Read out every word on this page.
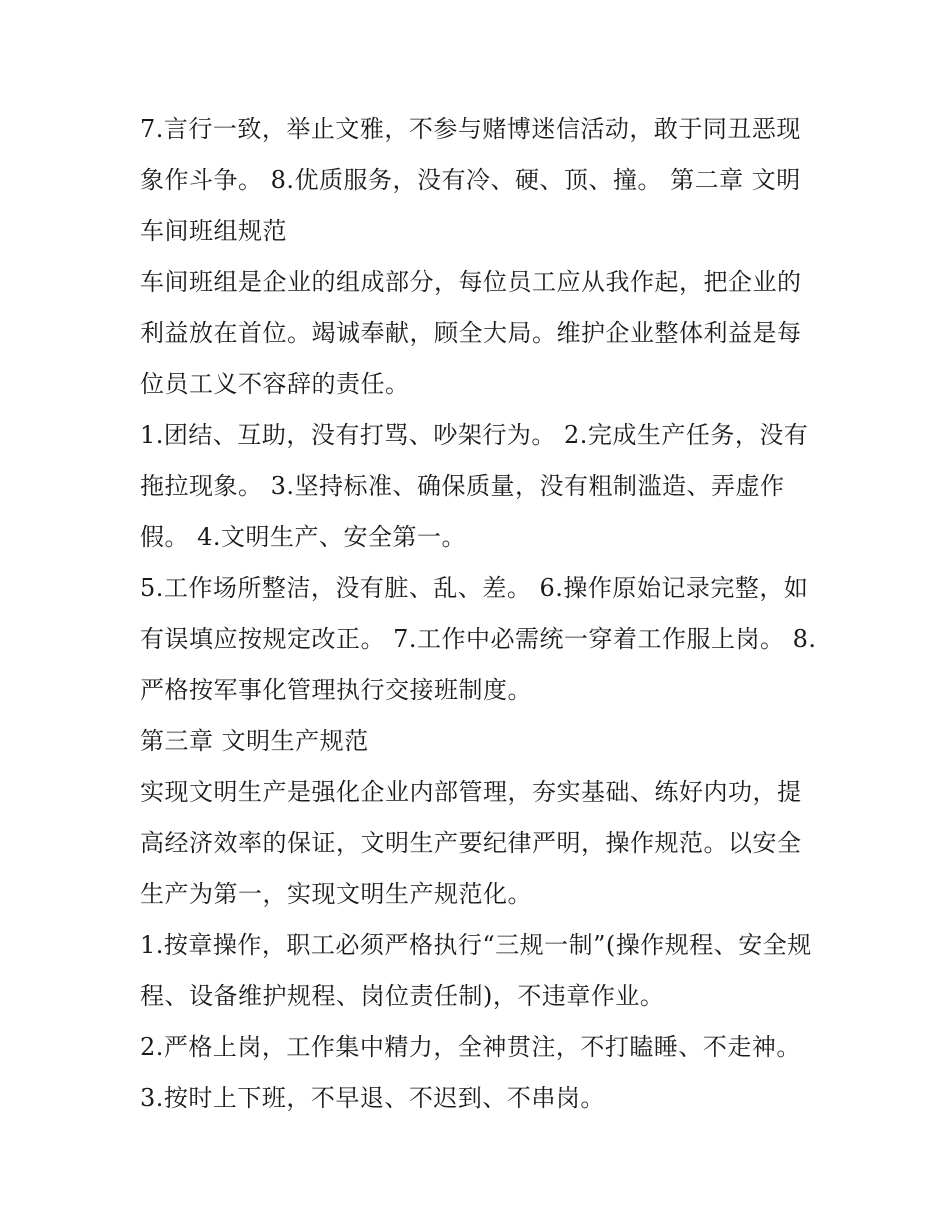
7.言行一致，举止文雅，不参与赌博迷信活动，敢于同丑恶现象作斗争。 8.优质服务，没有冷、硬、顶、撞。 第二章 文明车间班组规范

车间班组是企业的组成部分，每位员工应从我作起，把企业的利益放在首位。竭诚奉献，顾全大局。维护企业整体利益是每位员工义不容辞的责任。

1.团结、互助，没有打骂、吵架行为。 2.完成生产任务，没有拖拉现象。 3.坚持标准、确保质量，没有粗制滥造、弄虚作假。 4.文明生产、安全第一。

5.工作场所整洁，没有脏、乱、差。 6.操作原始记录完整，如有误填应按规定改正。 7.工作中必需统一穿着工作服上岗。 8.严格按军事化管理执行交接班制度。

第三章 文明生产规范

实现文明生产是强化企业内部管理，夯实基础、练好内功，提高经济效率的保证，文明生产要纪律严明，操作规范。以安全生产为第一，实现文明生产规范化。

1.按章操作，职工必须严格执行“三规一制”(操作规程、安全规程、设备维护规程、岗位责任制)，不违章作业。

2.严格上岗，工作集中精力，全神贯注，不打瞌睡、不走神。

3.按时上下班，不早退、不迟到、不串岗。
